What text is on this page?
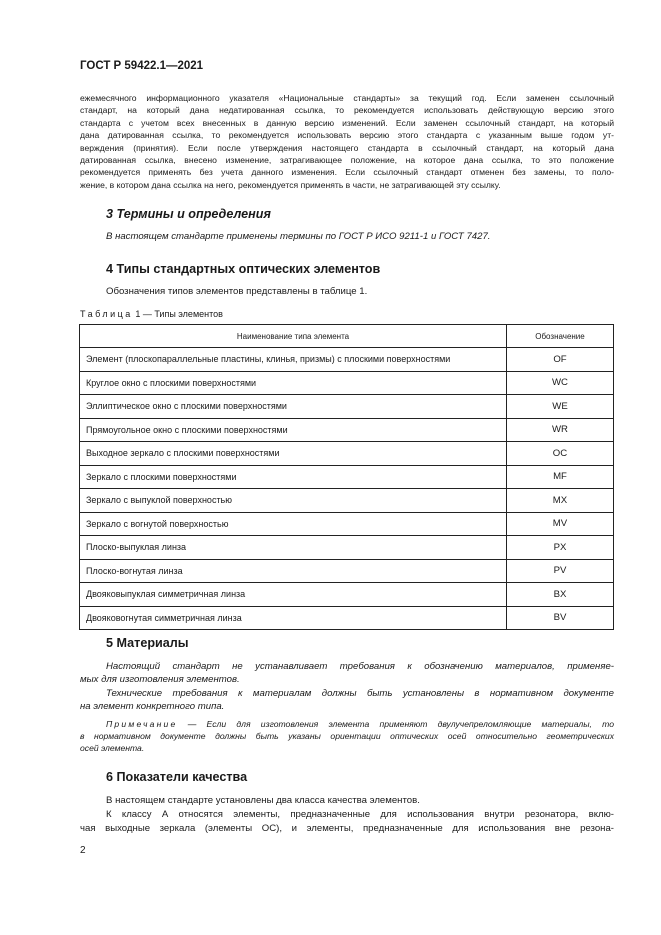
ГОСТ Р 59422.1—2021
ежемесячного информационного указателя «Национальные стандарты» за текущий год. Если заменен ссылочный
стандарт, на который дана недатированная ссылка, то рекомендуется использовать действующую версию этого
стандарта с учетом всех внесенных в данную версию изменений. Если заменен ссылочный стандарт, на который
дана датированная ссылка, то рекомендуется использовать версию этого стандарта с указанным выше годом ут-
верждения (принятия). Если после утверждения настоящего стандарта в ссылочный стандарт, на который дана
датированная ссылка, внесено изменение, затрагивающее положение, на которое дана ссылка, то это положение
рекомендуется применять без учета данного изменения. Если ссылочный стандарт отменен без замены, то поло-
жение, в котором дана ссылка на него, рекомендуется применять в части, не затрагивающей эту ссылку.
3 Термины и определения
В настоящем стандарте применены термины по ГОСТ Р ИСО 9211-1 и ГОСТ 7427.
4 Типы стандартных оптических элементов
Обозначения типов элементов представлены в таблице 1.
Таблица 1 — Типы элементов
Наименование типа элемента	Обозначение
Элемент (плоскопараллельные пластины, клинья, призмы) с плоскими поверхностями	OF
Круглое окно с плоскими поверхностями	WC
Эллиптическое окно с плоскими поверхностями	WE
Прямоугольное окно с плоскими поверхностями	WR
Выходное зеркало с плоскими поверхностями	OC
Зеркало с плоскими поверхностями	MF
Зеркало с выпуклой поверхностью	MX
Зеркало с вогнутой поверхностью	MV
Плоско-выпуклая линза	PX
Плоско-вогнутая линза	PV
Двояковыпуклая симметричная линза	BX
Двояковогнутая симметричная линза	BV
5 Материалы
Настоящий стандарт не устанавливает требования к обозначению материалов, применяе-
мых для изготовления элементов.
Технические требования к материалам должны быть установлены в нормативном документе
на элемент конкретного типа.
Примечание — Если для изготовления элемента применяют двулучепреломляющие материалы, то
в нормативном документе должны быть указаны ориентации оптических осей относительно геометрических
осей элемента.
6 Показатели качества
В настоящем стандарте установлены два класса качества элементов.
К классу А относятся элементы, предназначенные для использования внутри резонатора, вклю-
чая выходные зеркала (элементы OC), и элементы, предназначенные для использования вне резона-
2
